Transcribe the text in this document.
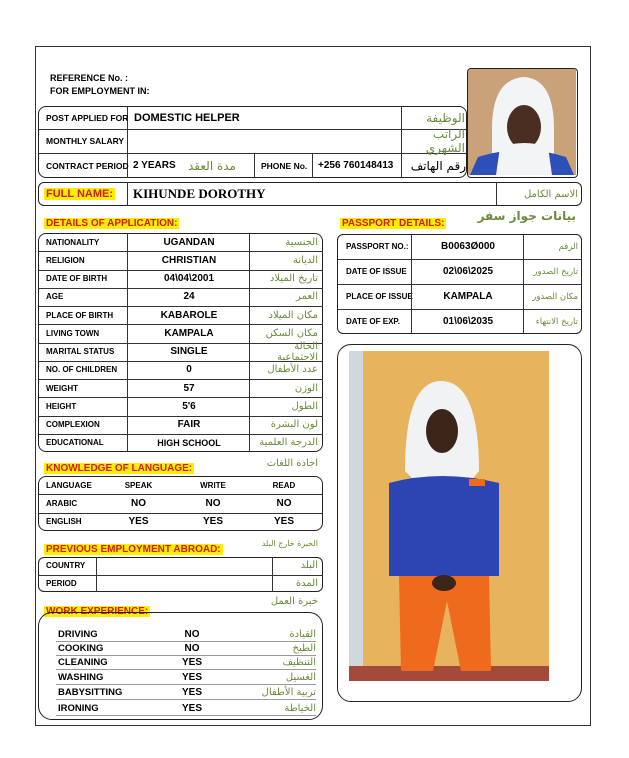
REFERENCE No. :
FOR EMPLOYMENT IN:
POST APPLIED FOR DOMESTIC HELPER	الوظيفة
MONTHLY SALARY	الراتب الشهري
CONTRACT PERIOD 2 YEARS مدة العقد	PHONE No. +256 760148413	رقم الهاتف
FULL NAME: KIHUNDE DOROTHY	الاسم الكامل
DETAILS OF APPLICATION:	PASSPORT DETAILS:
بيانات جواز سفر
KNOWLEDGE OF LANGUAGE:	اجادة اللغات
PREVIOUS EMPLOYMENT ABROAD:
الخبرة خارج البلد
WORK EXPERIENCE:
خبرة العمل
NATIONALITY	UGANDAN	الجنسية
RELIGION	CHRISTIAN	الديانة
DATE OF BIRTH	04\04\2001	تاريخ الميلاد
AGE	24	العمر
PLACE OF BIRTH	KABAROLE	مكان الميلاد
LIVING TOWN	KAMPALA	مكان السكن
MARITAL STATUS	SINGLE	الحالة الاجتماعية
NO. OF CHILDREN	0	عدد الأطفال
WEIGHT	57	الوزن
HEIGHT	5'6	الطول
COMPLEXION	FAIR	لون البشرة
EDUCATIONAL	HIGH SCHOOL	الدرجة العلمية
PASSPORT NO.:	B0063Ø000	الرقم
DATE OF ISSUE	02\06\2025	تاريخ الصدور
PLACE OF ISSUE	KAMPALA	مكان الصدور
DATE OF EXP.	01\06\2035	تاريخ الانتهاء
LANGUAGE	SPEAK	WRITE	READ
ARABIC	NO	NO	NO
ENGLISH	YES	YES	YES
COUNTRY	البلد
PERIOD	المدة
DRIVING	NO	القيادة
COOKING	NO	الطبخ
CLEANING	YES	التنظيف
WASHING	YES	الغسيل
BABYSITTING	YES	تربية الأطفال
IRONING	YES	الخياطة
